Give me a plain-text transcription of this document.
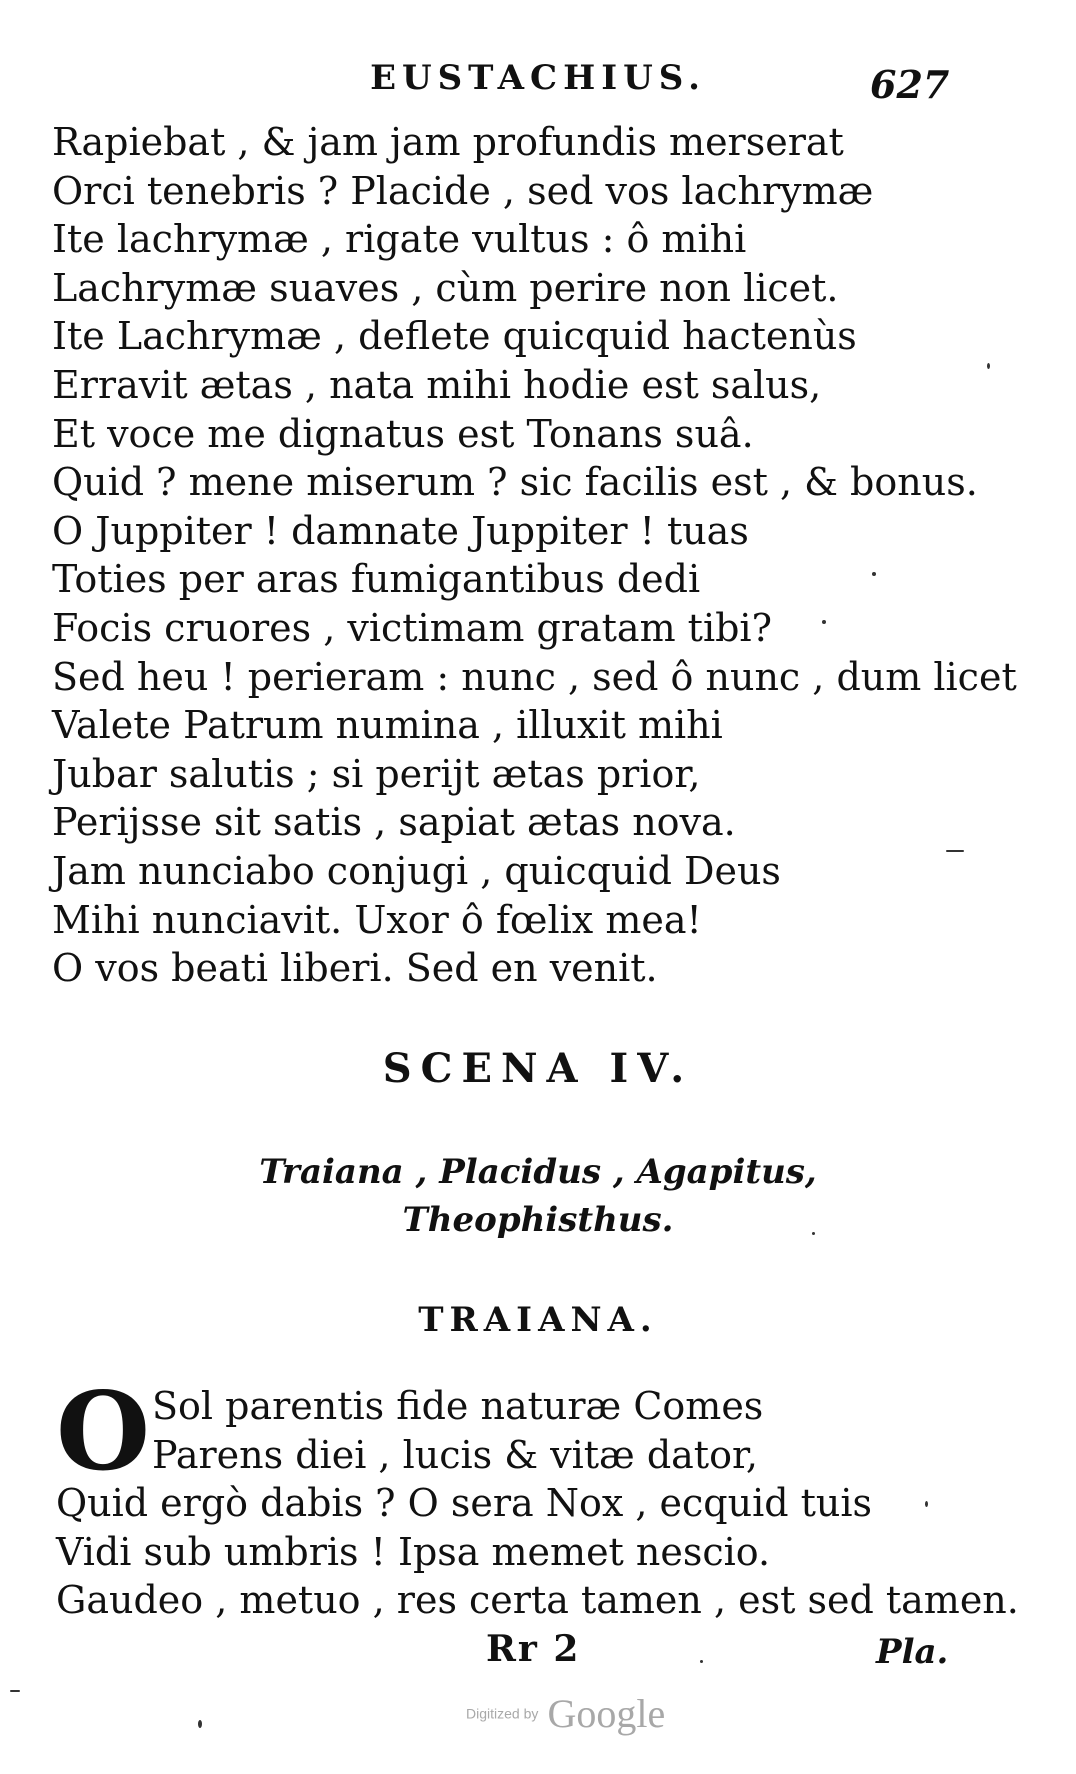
EUSTACHIUS.	627
Rapiebat , & jam jam profundis merserat
Orci tenebris ? Placide , sed vos lachrymæ
Ite lachrymæ , rigate vultus : ô mihi
Lachrymæ suaves , cùm perire non licet.
Ite Lachrymæ , deflete quicquid hactenùs
Erravit ætas , nata mihi hodie est salus,
Et voce me dignatus est Tonans suâ.
Quid ? mene miserum ? sic facilis est , & bonus.
O Juppiter ! damnate Juppiter ! tuas
Toties per aras fumigantibus dedi
Focis cruores , victimam gratam tibi?
Sed heu ! perieram : nunc , sed ô nunc , dum licet
Valete Patrum numina , illuxit mihi
Jubar salutis ; si perijt ætas prior,
Perijsse sit satis , sapiat ætas nova.
Jam nunciabo conjugi , quicquid Deus
Mihi nunciavit. Uxor ô fœlix mea!
O vos beati liberi. Sed en venit.
SCENA IV.
Traiana , Placidus , Agapitus,
Theophisthus.
TRAIANA.
O Sol parentis fide naturæ Comes
Parens diei , lucis & vitæ dator,
Quid ergò dabis ? O sera Nox , ecquid tuis
Vidi sub umbris ! Ipsa memet nescio.
Gaudeo , metuo , res certa tamen , est sed tamen.
Rr 2	Pla.
Digitized by Google
